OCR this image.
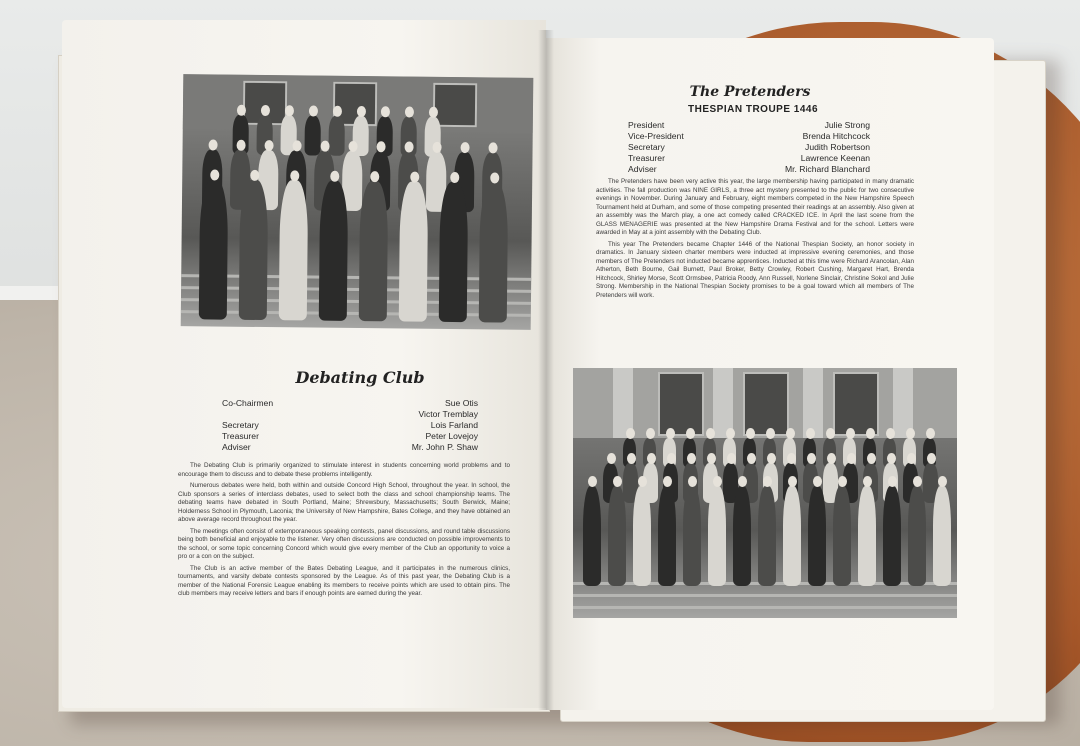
Debating Club
Co-Chairmen	Sue Otis
Victor Tremblay
Secretary	Lois Farland
Treasurer	Peter Lovejoy
Adviser	Mr. John P. Shaw

The Debating Club is primarily organized to stimulate interest in students concerning world problems and to encourage them to discuss and to debate these problems intelligently.

Numerous debates were held, both within and outside Concord High School, throughout the year. In school, the Club sponsors a series of interclass debates, used to select both the class and school championship teams. The debating teams have debated in South Portland, Maine; Shrewsbury, Massachusetts; South Berwick, Maine; Holderness School in Plymouth, Laconia; the University of New Hampshire, Bates College, and they have obtained an above average record throughout the year.

The meetings often consist of extemporaneous speaking contests, panel discussions, and round table discussions being both beneficial and enjoyable to the listener. Very often discussions are conducted on possible improvements to the school, or some topic concerning Concord which would give every member of the Club an opportunity to voice a pro or a con on the subject.

The Club is an active member of the Bates Debating League, and it participates in the numerous clinics, tournaments, and varsity debate contests sponsored by the League. As of this past year, the Debating Club is a member of the National Forensic League enabling its members to receive points which are used to obtain pins. The club members may receive letters and bars if enough points are earned during the year.

The Pretenders
THESPIAN TROUPE 1446
President	Julie Strong
Vice-President	Brenda Hitchcock
Secretary	Judith Robertson
Treasurer	Lawrence Keenan
Adviser	Mr. Richard Blanchard

The Pretenders have been very active this year, the large membership having participated in many dramatic activities. The fall production was NINE GIRLS, a three act mystery presented to the public for two consecutive evenings in November. During January and February, eight members competed in the New Hampshire Speech Tournament held at Durham, and some of those competing presented their readings at an assembly. Also given at an assembly was the March play, a one act comedy called CRACKED ICE. In April the last scene from the GLASS MENAGERIE was presented at the New Hampshire Drama Festival and for the school. Letters were awarded in May at a joint assembly with the Debating Club.

This year The Pretenders became Chapter 1446 of the National Thespian Society, an honor society in dramatics. In January sixteen charter members were inducted at impressive evening ceremonies, and those members of The Pretenders not inducted became apprentices. Inducted at this time were Richard Arancolan, Alan Atherton, Beth Bourne, Gail Burnett, Paul Broker, Betty Crowley, Robert Cushing, Margaret Hart, Brenda Hitchcock, Shirley Morse, Scott Ormsbee, Patricia Roody, Ann Russell, Norlene Sinclair, Christine Sokol and Julie Strong. Membership in the National Thespian Society promises to be a goal toward which all members of The Pretenders will work.
